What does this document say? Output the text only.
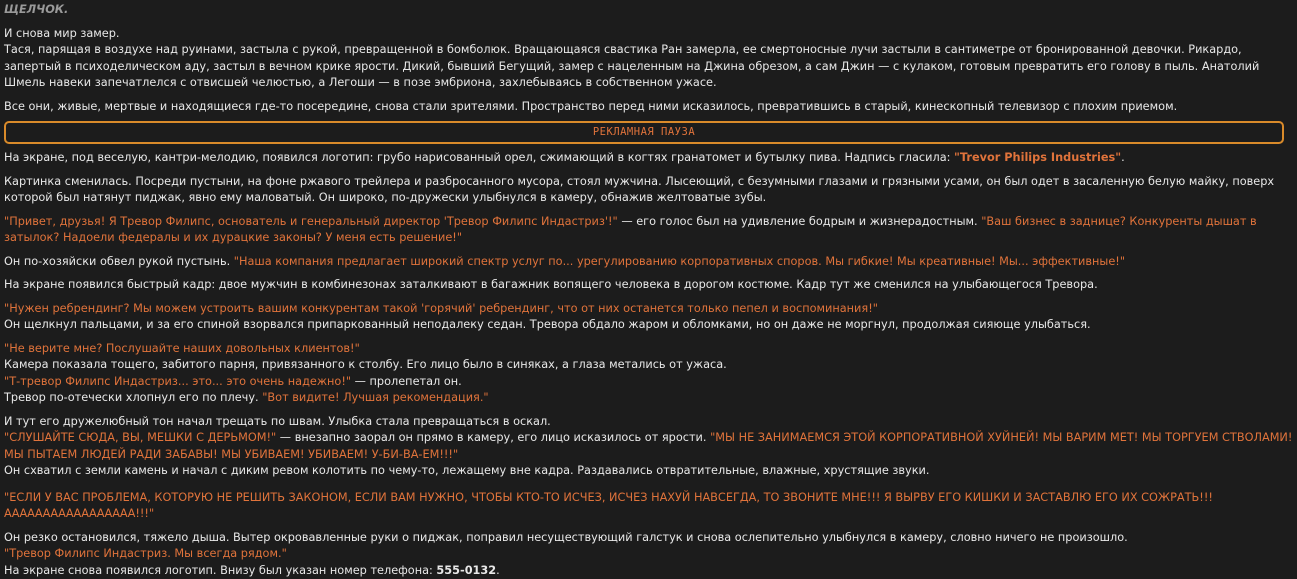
ЩЕЛЧОК.

И снова мир замер.

Тася, парящая в воздухе над руинами, застыла с рукой, превращенной в бомболюк. Вращающаяся свастика Ран замерла, ее смертоносные лучи застыли в сантиметре от бронированной девочки. Рикардо, запертый в психоделическом аду, застыл в вечном крике ярости. Дикий, бывший Бегущий, замер с нацеленным на Джина обрезом, а сам Джин — с кулаком, готовым превратить его голову в пыль. Анатолий Шмель навеки запечатлелся с отвисшей челюстью, а Легоши — в позе эмбриона, захлебываясь в собственном ужасе.

Все они, живые, мертвые и находящиеся где-то посередине, снова стали зрителями. Пространство перед ними исказилось, превратившись в старый, кинескопный телевизор с плохим приемом.

РЕКЛАМНАЯ ПАУЗА

На экране, под веселую, кантри-мелодию, появился логотип: грубо нарисованный орел, сжимающий в когтях гранатомет и бутылку пива. Надпись гласила: "Trevor Philips Industries".

Картинка сменилась. Посреди пустыни, на фоне ржавого трейлера и разбросанного мусора, стоял мужчина. Лысеющий, с безумными глазами и грязными усами, он был одет в засаленную белую майку, поверх которой был натянут пиджак, явно ему маловатый. Он широко, по-дружески улыбнулся в камеру, обнажив желтоватые зубы.

"Привет, друзья! Я Тревор Филипс, основатель и генеральный директор 'Тревор Филипс Индастриз'!" — его голос был на удивление бодрым и жизнерадостным. "Ваш бизнес в заднице? Конкуренты дышат в затылок? Надоели федералы и их дурацкие законы? У меня есть решение!"

Он по-хозяйски обвел рукой пустынь. "Наша компания предлагает широкий спектр услуг по... урегулированию корпоративных споров. Мы гибкие! Мы креативные! Мы... эффективные!"

На экране появился быстрый кадр: двое мужчин в комбинезонах заталкивают в багажник вопящего человека в дорогом костюме. Кадр тут же сменился на улыбающегося Тревора.

"Нужен ребрендинг? Мы можем устроить вашим конкурентам такой 'горячий' ребрендинг, что от них останется только пепел и воспоминания!"

Он щелкнул пальцами, и за его спиной взорвался припаркованный неподалеку седан. Тревора обдало жаром и обломками, но он даже не моргнул, продолжая сияюще улыбаться.

"Не верите мне? Послушайте наших довольных клиентов!"

Камера показала тощего, забитого парня, привязанного к столбу. Его лицо было в синяках, а глаза метались от ужаса.

"Т-тревор Филипс Индастриз... это... это очень надежно!" — пролепетал он.

Тревор по-отечески хлопнул его по плечу. "Вот видите! Лучшая рекомендация."

И тут его дружелюбный тон начал трещать по швам. Улыбка стала превращаться в оскал.

"СЛУШАЙТЕ СЮДА, ВЫ, МЕШКИ С ДЕРЬМОМ!" — внезапно заорал он прямо в камеру, его лицо исказилось от ярости. "МЫ НЕ ЗАНИМАЕМСЯ ЭТОЙ КОРПОРАТИВНОЙ ХУЙНЕЙ! МЫ ВАРИМ МЕТ! МЫ ТОРГУЕМ СТВОЛАМИ! МЫ ПЫТАЕМ ЛЮДЕЙ РАДИ ЗАБАВЫ! МЫ УБИВАЕМ! УБИВАЕМ! У-БИ-ВА-ЕМ!!!"

Он схватил с земли камень и начал с диким ревом колотить по чему-то, лежащему вне кадра. Раздавались отвратительные, влажные, хрустящие звуки.

"ЕСЛИ У ВАС ПРОБЛЕМА, КОТОРУЮ НЕ РЕШИТЬ ЗАКОНОМ, ЕСЛИ ВАМ НУЖНО, ЧТОБЫ КТО-ТО ИСЧЕЗ, ИСЧЕЗ НАХУЙ НАВСЕГДА, ТО ЗВОНИТЕ МНЕ!!! Я ВЫРВУ ЕГО КИШКИ И ЗАСТАВЛЮ ЕГО ИХ СОЖРАТЬ!!! ААААААААААААААААА!!!"

Он резко остановился, тяжело дыша. Вытер окровавленные руки о пиджак, поправил несуществующий галстук и снова ослепительно улыбнулся в камеру, словно ничего не произошло.

"Тревор Филипс Индастриз. Мы всегда рядом."

На экране снова появился логотип. Внизу был указан номер телефона: 555-0132.
